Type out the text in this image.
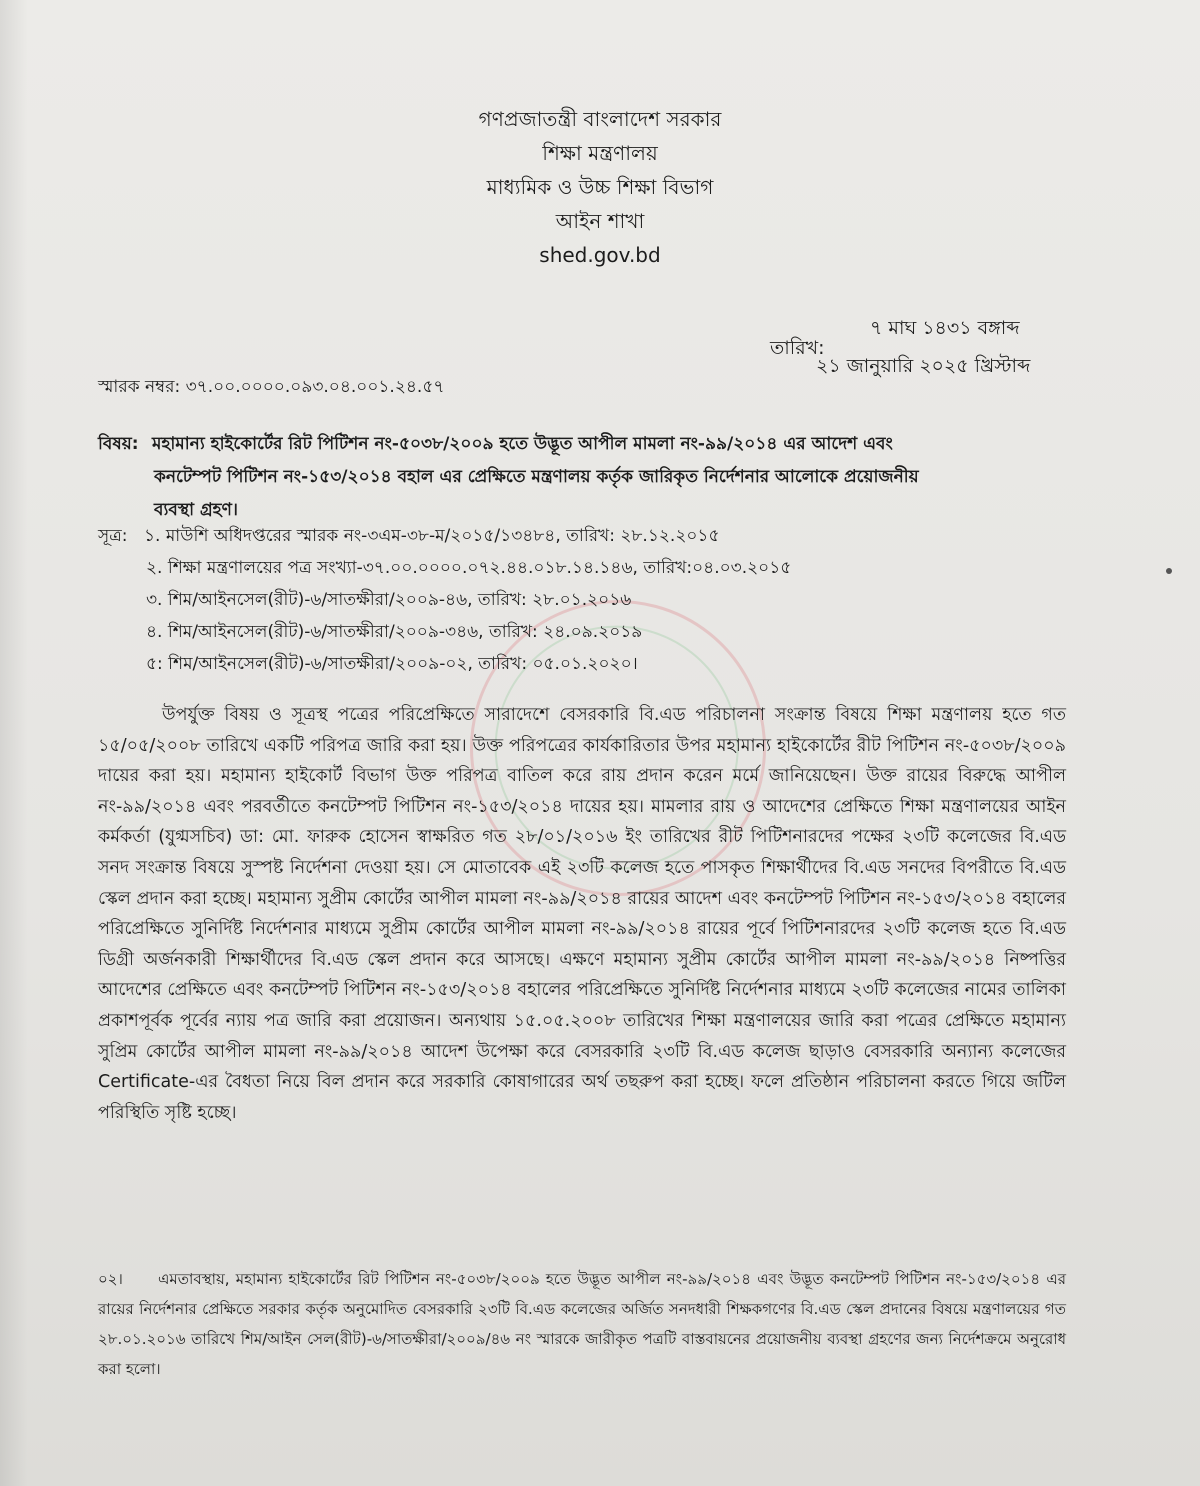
গণপ্রজাতন্ত্রী বাংলাদেশ সরকার
শিক্ষা মন্ত্রণালয়
মাধ্যমিক ও উচ্চ শিক্ষা বিভাগ
আইন শাখা
shed.gov.bd
৭ মাঘ ১৪৩১ বঙ্গাব্দ
তারিখ:
২১ জানুয়ারি ২০২৫ খ্রিস্টাব্দ
স্মারক নম্বর: ৩৭.০০.০০০০.০৯৩.০৪.০০১.২৪.৫৭
বিষয়: মহামান্য হাইকোর্টের রিট পিটিশন নং-৫০৩৮/২০০৯ হতে উদ্ভূত আপীল মামলা নং-৯৯/২০১৪ এর আদেশ এবং
কনটেম্পট পিটিশন নং-১৫৩/২০১৪ বহাল এর প্রেক্ষিতে মন্ত্রণালয় কর্তৃক জারিকৃত নির্দেশনার আলোকে প্রয়োজনীয়
ব্যবস্থা গ্রহণ।
সূত্র: ১. মাউশি অধিদপ্তরের স্মারক নং-৩এম-৩৮-ম/২০১৫/১৩৪৮৪, তারিখ: ২৮.১২.২০১৫
২. শিক্ষা মন্ত্রণালয়ের পত্র সংখ্যা-৩৭.০০.০০০০.০৭২.৪৪.০১৮.১৪.১৪৬, তারিখ:০৪.০৩.২০১৫
৩. শিম/আইনসেল(রীট)-৬/সাতক্ষীরা/২০০৯-৪৬, তারিখ: ২৮.০১.২০১৬
৪. শিম/আইনসেল(রীট)-৬/সাতক্ষীরা/২০০৯-৩৪৬, তারিখ: ২৪.০৯.২০১৯
৫: শিম/আইনসেল(রীট)-৬/সাতক্ষীরা/২০০৯-০২, তারিখ: ০৫.০১.২০২০।
উপর্যুক্ত বিষয় ও সূত্রস্থ পত্রের পরিপ্রেক্ষিতে সারাদেশে বেসরকারি বি.এড পরিচালনা সংক্রান্ত বিষয়ে শিক্ষা মন্ত্রণালয় হতে গত ১৫/০৫/২০০৮ তারিখে একটি পরিপত্র জারি করা হয়। উক্ত পরিপত্রের কার্যকারিতার উপর মহামান্য হাইকোর্টের রীট পিটিশন নং-৫০৩৮/২০০৯ দায়ের করা হয়। মহামান্য হাইকোর্ট বিভাগ উক্ত পরিপত্র বাতিল করে রায় প্রদান করেন মর্মে জানিয়েছেন। উক্ত রায়ের বিরুদ্ধে আপীল নং-৯৯/২০১৪ এবং পরবর্তীতে কনটেম্পট পিটিশন নং-১৫৩/২০১৪ দায়ের হয়। মামলার রায় ও আদেশের প্রেক্ষিতে শিক্ষা মন্ত্রণালয়ের আইন কর্মকর্তা (যুগ্মসচিব) ডা: মো. ফারুক হোসেন স্বাক্ষরিত গত ২৮/০১/২০১৬ ইং তারিখের রীট পিটিশনারদের পক্ষের ২৩টি কলেজের বি.এড সনদ সংক্রান্ত বিষয়ে সুস্পষ্ট নির্দেশনা দেওয়া হয়। সে মোতাবেক এই ২৩টি কলেজ হতে পাসকৃত শিক্ষার্থীদের বি.এড সনদের বিপরীতে বি.এড স্কেল প্রদান করা হচ্ছে। মহামান্য সুপ্রীম কোর্টের আপীল মামলা নং-৯৯/২০১৪ রায়ের আদেশ এবং কনটেম্পট পিটিশন নং-১৫৩/২০১৪ বহালের পরিপ্রেক্ষিতে সুনির্দিষ্ট নির্দেশনার মাধ্যমে সুপ্রীম কোর্টের আপীল মামলা নং-৯৯/২০১৪ রায়ের পূর্বে পিটিশনারদের ২৩টি কলেজ হতে বি.এড ডিগ্রী অর্জনকারী শিক্ষার্থীদের বি.এড স্কেল প্রদান করে আসছে। এক্ষণে মহামান্য সুপ্রীম কোর্টের আপীল মামলা নং-৯৯/২০১৪ নিষ্পত্তির আদেশের প্রেক্ষিতে এবং কনটেম্পট পিটিশন নং-১৫৩/২০১৪ বহালের পরিপ্রেক্ষিতে সুনির্দিষ্ট নির্দেশনার মাধ্যমে ২৩টি কলেজের নামের তালিকা প্রকাশপূর্বক পূর্বের ন্যায় পত্র জারি করা প্রয়োজন। অন্যথায় ১৫.০৫.২০০৮ তারিখের শিক্ষা মন্ত্রণালয়ের জারি করা পত্রের প্রেক্ষিতে মহামান্য সুপ্রিম কোর্টের আপীল মামলা নং-৯৯/২০১৪ আদেশ উপেক্ষা করে বেসরকারি ২৩টি বি.এড কলেজ ছাড়াও বেসরকারি অন্যান্য কলেজের Certificate-এর বৈধতা নিয়ে বিল প্রদান করে সরকারি কোষাগারের অর্থ তছরুপ করা হচ্ছে। ফলে প্রতিষ্ঠান পরিচালনা করতে গিয়ে জটিল পরিস্থিতি সৃষ্টি হচ্ছে।
০২। এমতাবস্থায়, মহামান্য হাইকোর্টের রিট পিটিশন নং-৫০৩৮/২০০৯ হতে উদ্ভূত আপীল নং-৯৯/২০১৪ এবং উদ্ভূত কনটেম্পট পিটিশন নং-১৫৩/২০১৪ এর রায়ের নির্দেশনার প্রেক্ষিতে সরকার কর্তৃক অনুমোদিত বেসরকারি ২৩টি বি.এড কলেজের অর্জিত সনদধারী শিক্ষকগণের বি.এড স্কেল প্রদানের বিষয়ে মন্ত্রণালয়ের গত ২৮.০১.২০১৬ তারিখে শিম/আইন সেল(রীট)-৬/সাতক্ষীরা/২০০৯/৪৬ নং স্মারকে জারীকৃত পত্রটি বাস্তবায়নের প্রয়োজনীয় ব্যবস্থা গ্রহণের জন্য নির্দেশক্রমে অনুরোধ করা হলো।
